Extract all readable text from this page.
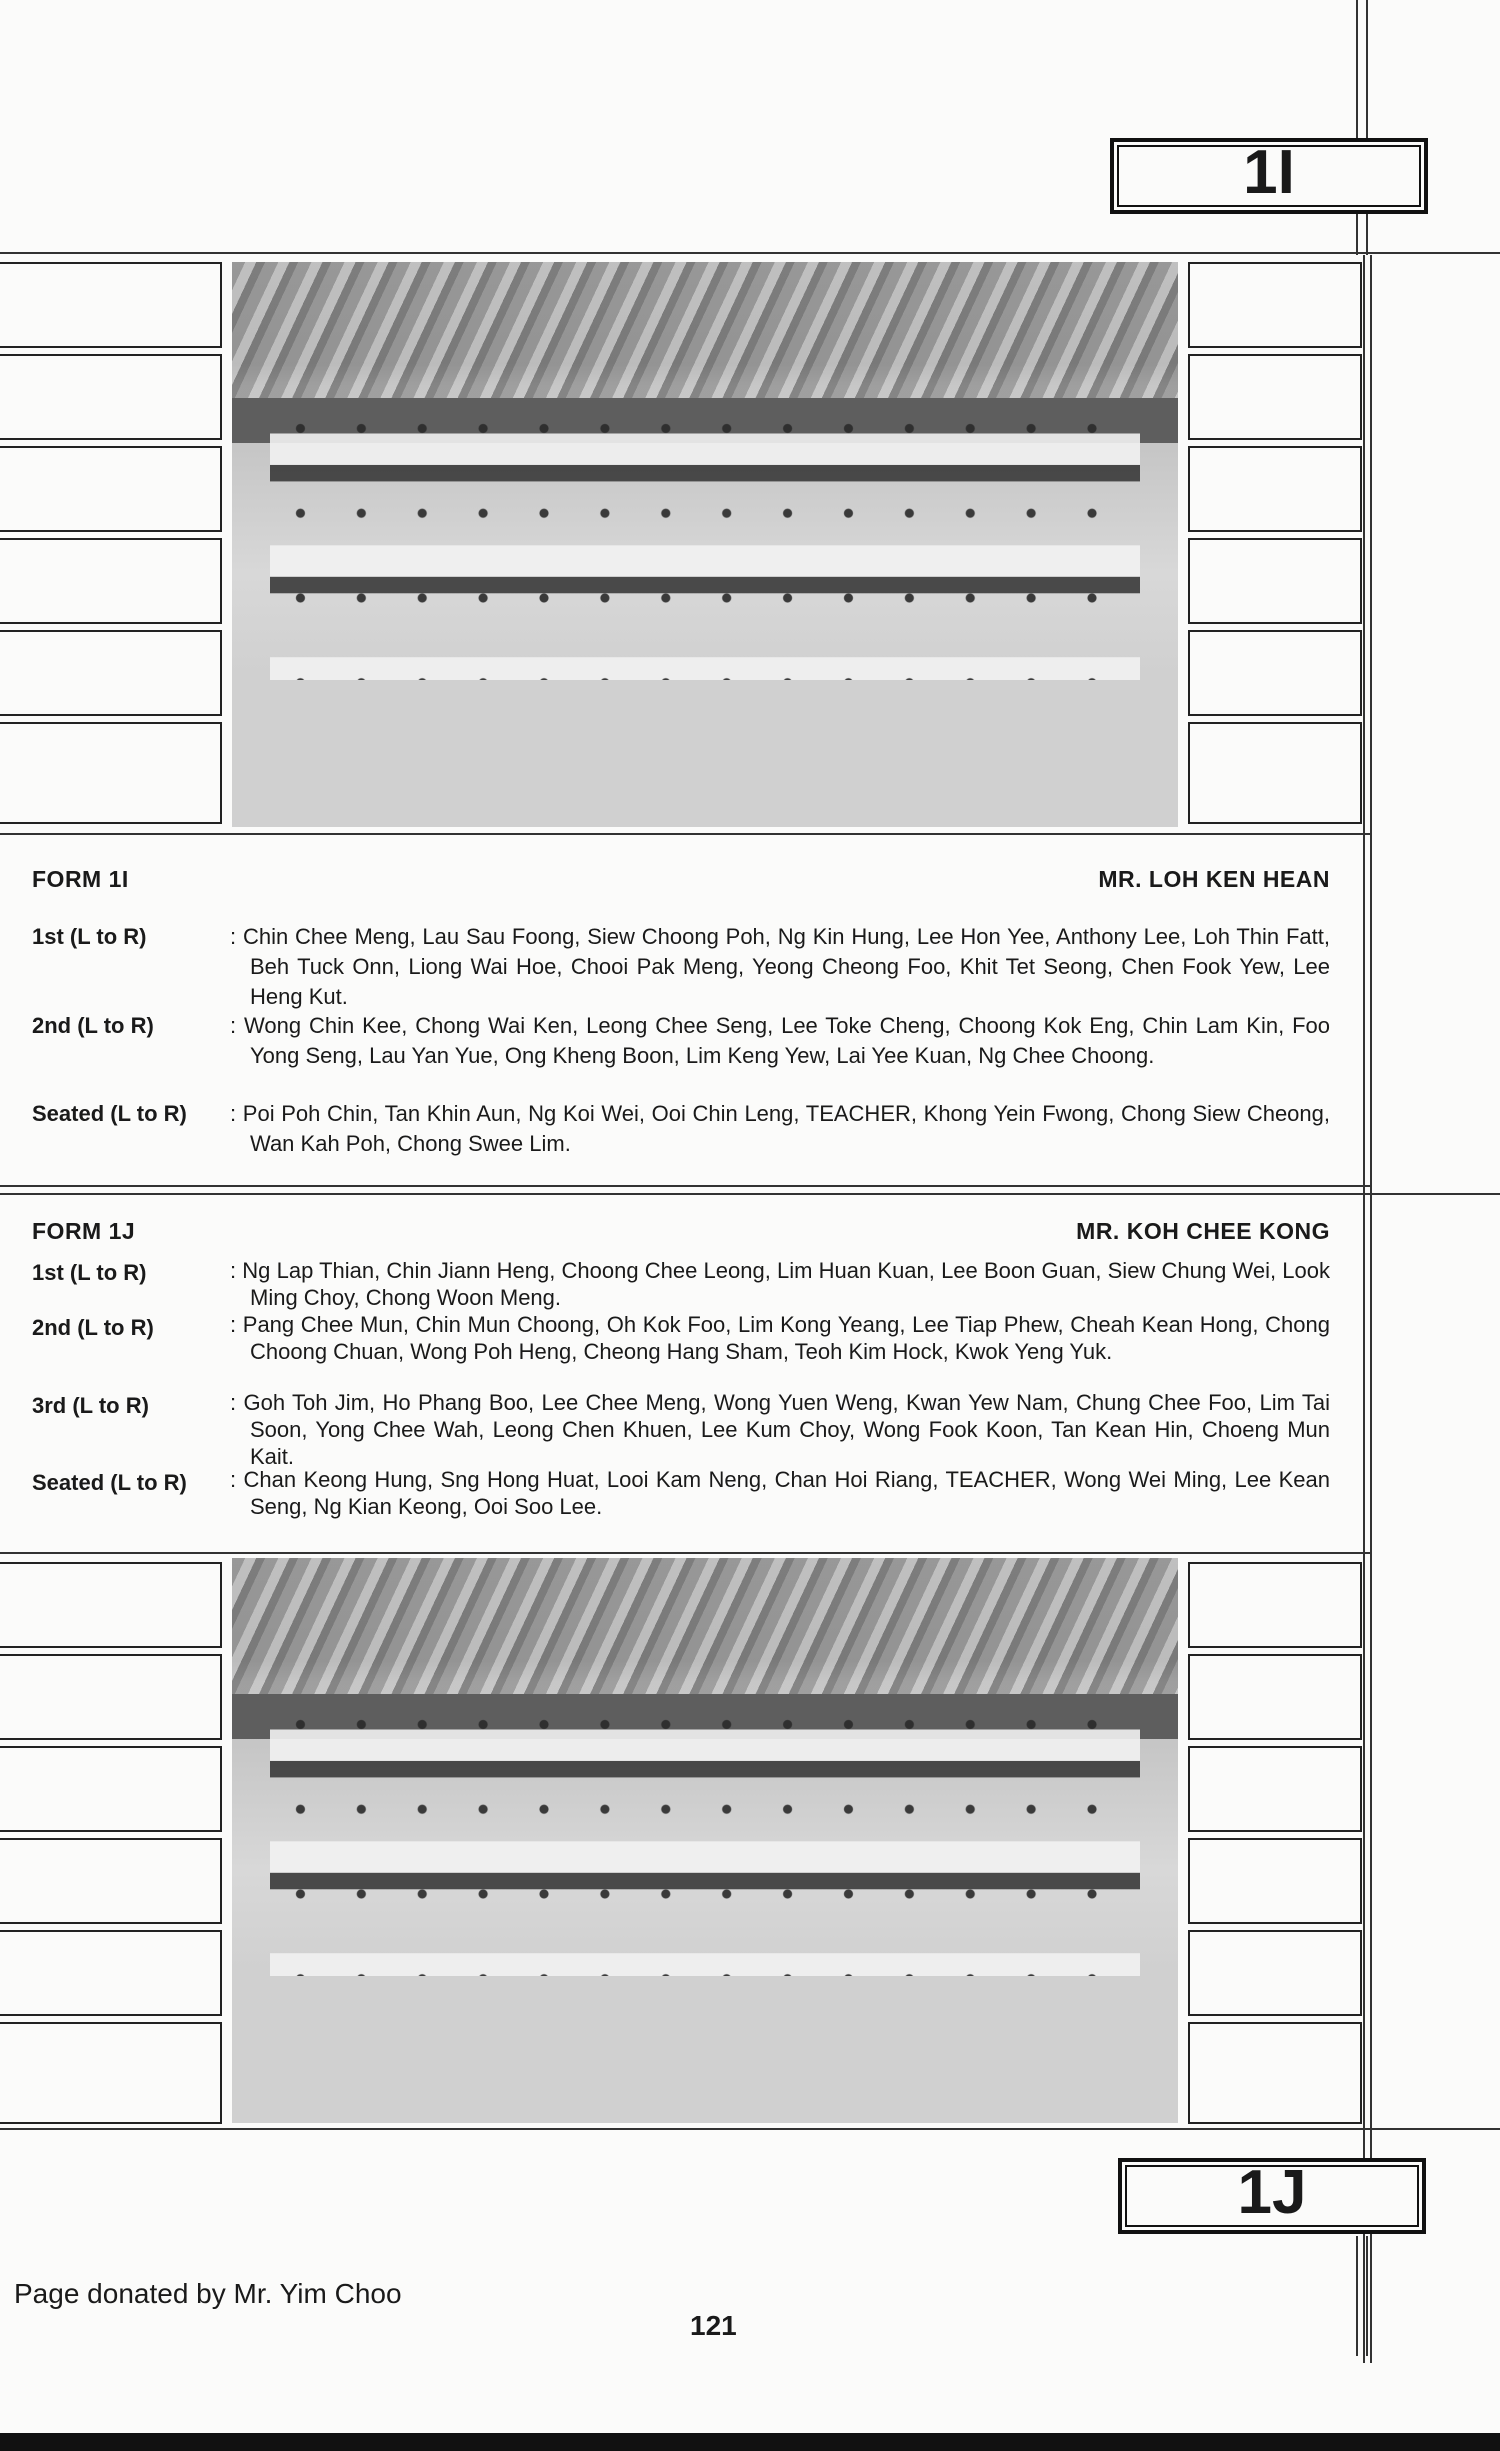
1I
FORM 1I	MR. LOH KEN HEAN
1st (L to R)	: Chin Chee Meng, Lau Sau Foong, Siew Choong Poh, Ng Kin Hung, Lee Hon Yee, Anthony Lee, Loh Thin Fatt, Beh Tuck Onn, Liong Wai Hoe, Chooi Pak Meng, Yeong Cheong Foo, Khit Tet Seong, Chen Fook Yew, Lee Heng Kut.
2nd (L to R)	: Wong Chin Kee, Chong Wai Ken, Leong Chee Seng, Lee Toke Cheng, Choong Kok Eng, Chin Lam Kin, Foo Yong Seng, Lau Yan Yue, Ong Kheng Boon, Lim Keng Yew, Lai Yee Kuan, Ng Chee Choong.
Seated (L to R)	: Poi Poh Chin, Tan Khin Aun, Ng Koi Wei, Ooi Chin Leng, TEACHER, Khong Yein Fwong, Chong Siew Cheong, Wan Kah Poh, Chong Swee Lim.
FORM 1J	MR. KOH CHEE KONG
1st (L to R)	: Ng Lap Thian, Chin Jiann Heng, Choong Chee Leong, Lim Huan Kuan, Lee Boon Guan, Siew Chung Wei, Look Ming Choy, Chong Woon Meng.
2nd (L to R)	: Pang Chee Mun, Chin Mun Choong, Oh Kok Foo, Lim Kong Yeang, Lee Tiap Phew, Cheah Kean Hong, Chong Choong Chuan, Wong Poh Heng, Cheong Hang Sham, Teoh Kim Hock, Kwok Yeng Yuk.
3rd (L to R)	: Goh Toh Jim, Ho Phang Boo, Lee Chee Meng, Wong Yuen Weng, Kwan Yew Nam, Chung Chee Foo, Lim Tai Soon, Yong Chee Wah, Leong Chen Khuen, Lee Kum Choy, Wong Fook Koon, Tan Kean Hin, Choeng Mun Kait.
Seated (L to R)	: Chan Keong Hung, Sng Hong Huat, Looi Kam Neng, Chan Hoi Riang, TEACHER, Wong Wei Ming, Lee Kean Seng, Ng Kian Keong, Ooi Soo Lee.
1J
Page donated by Mr. Yim Choo
121
